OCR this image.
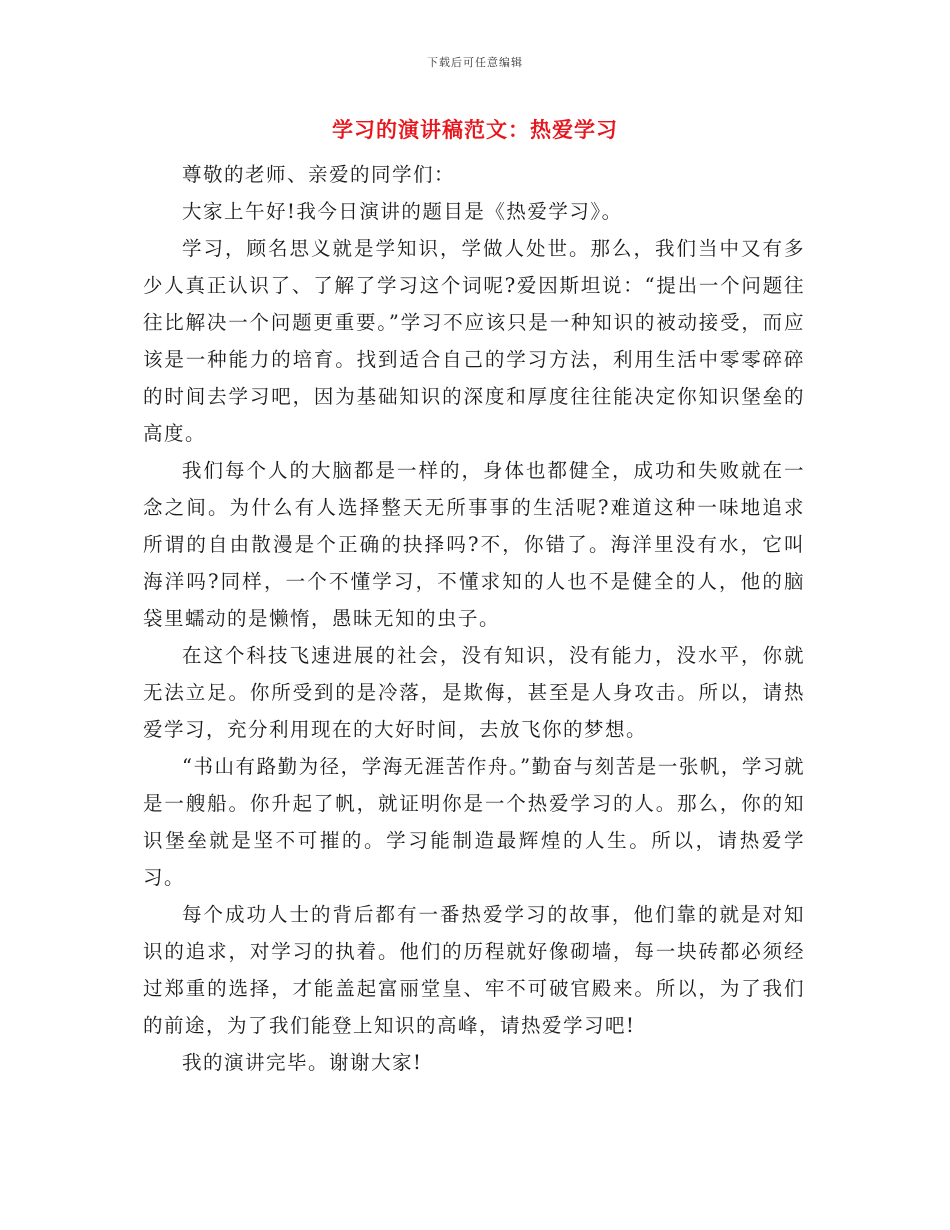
下载后可任意编辑
学习的演讲稿范文：热爱学习

尊敬的老师、亲爱的同学们：

大家上午好!我今日演讲的题目是《热爱学习》。

学习，顾名思义就是学知识，学做人处世。那么，我们当中又有多少人真正认识了、了解了学习这个词呢?爱因斯坦说：“提出一个问题往往比解决一个问题更重要。”学习不应该只是一种知识的被动接受，而应该是一种能力的培育。找到适合自己的学习方法，利用生活中零零碎碎的时间去学习吧，因为基础知识的深度和厚度往往能决定你知识堡垒的高度。

我们每个人的大脑都是一样的，身体也都健全，成功和失败就在一念之间。为什么有人选择整天无所事事的生活呢?难道这种一味地追求所谓的自由散漫是个正确的抉择吗?不，你错了。海洋里没有水，它叫海洋吗?同样，一个不懂学习，不懂求知的人也不是健全的人，他的脑袋里蠕动的是懒惰，愚昧无知的虫子。

在这个科技飞速进展的社会，没有知识，没有能力，没水平，你就无法立足。你所受到的是冷落，是欺侮，甚至是人身攻击。所以，请热爱学习，充分利用现在的大好时间，去放飞你的梦想。

“书山有路勤为径，学海无涯苦作舟。”勤奋与刻苦是一张帆，学习就是一艘船。你升起了帆，就证明你是一个热爱学习的人。那么，你的知识堡垒就是坚不可摧的。学习能制造最辉煌的人生。所以，请热爱学习。

每个成功人士的背后都有一番热爱学习的故事，他们靠的就是对知识的追求，对学习的执着。他们的历程就好像砌墙，每一块砖都必须经过郑重的选择，才能盖起富丽堂皇、牢不可破官殿来。所以，为了我们的前途，为了我们能登上知识的高峰，请热爱学习吧!

我的演讲完毕。谢谢大家!
